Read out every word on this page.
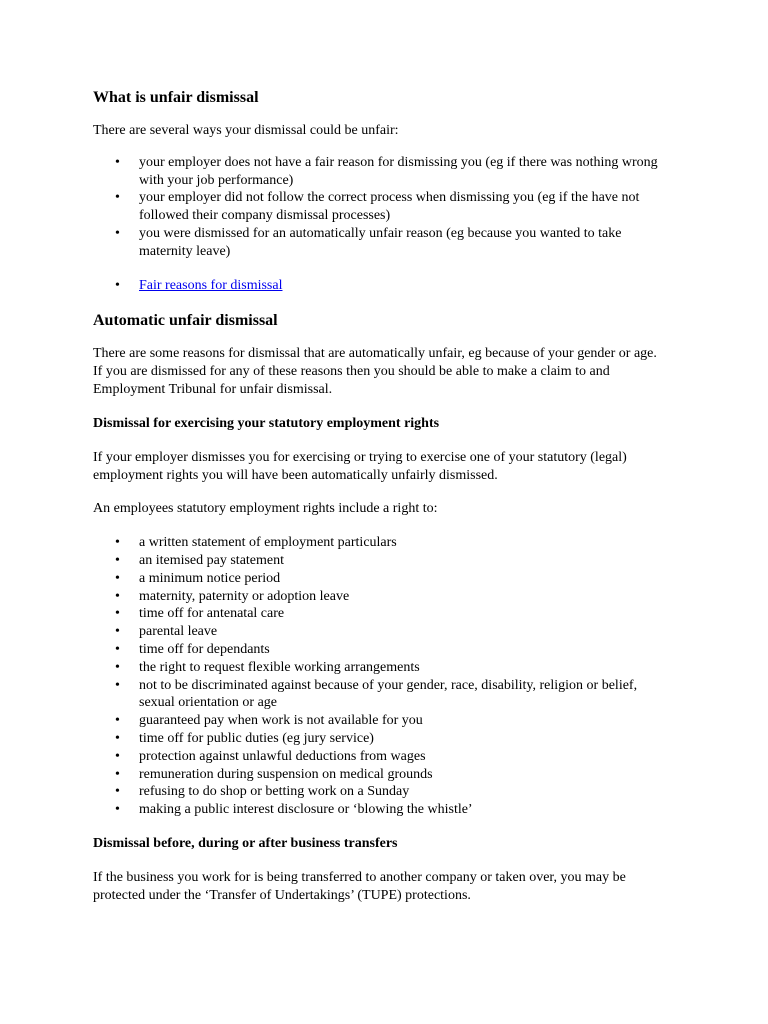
What is unfair dismissal

There are several ways your dismissal could be unfair:

• your employer does not have a fair reason for dismissing you (eg if there was nothing wrong with your job performance)
• your employer did not follow the correct process when dismissing you (eg if the have not followed their company dismissal processes)
• you were dismissed for an automatically unfair reason (eg because you wanted to take maternity leave)
• Fair reasons for dismissal
Automatic unfair dismissal

There are some reasons for dismissal that are automatically unfair, eg because of your gender or age. If you are dismissed for any of these reasons then you should be able to make a claim to and Employment Tribunal for unfair dismissal.

Dismissal for exercising your statutory employment rights

If your employer dismisses you for exercising or trying to exercise one of your statutory (legal) employment rights you will have been automatically unfairly dismissed.

An employees statutory employment rights include a right to:

• a written statement of employment particulars
• an itemised pay statement
• a minimum notice period
• maternity, paternity or adoption leave
• time off for antenatal care
• parental leave
• time off for dependants
• the right to request flexible working arrangements
• not to be discriminated against because of your gender, race, disability, religion or belief, sexual orientation or age
• guaranteed pay when work is not available for you
• time off for public duties (eg jury service)
• protection against unlawful deductions from wages
• remuneration during suspension on medical grounds
• refusing to do shop or betting work on a Sunday
• making a public interest disclosure or ‘blowing the whistle’
Dismissal before, during or after business transfers

If the business you work for is being transferred to another company or taken over, you may be protected under the ‘Transfer of Undertakings’ (TUPE) protections.
